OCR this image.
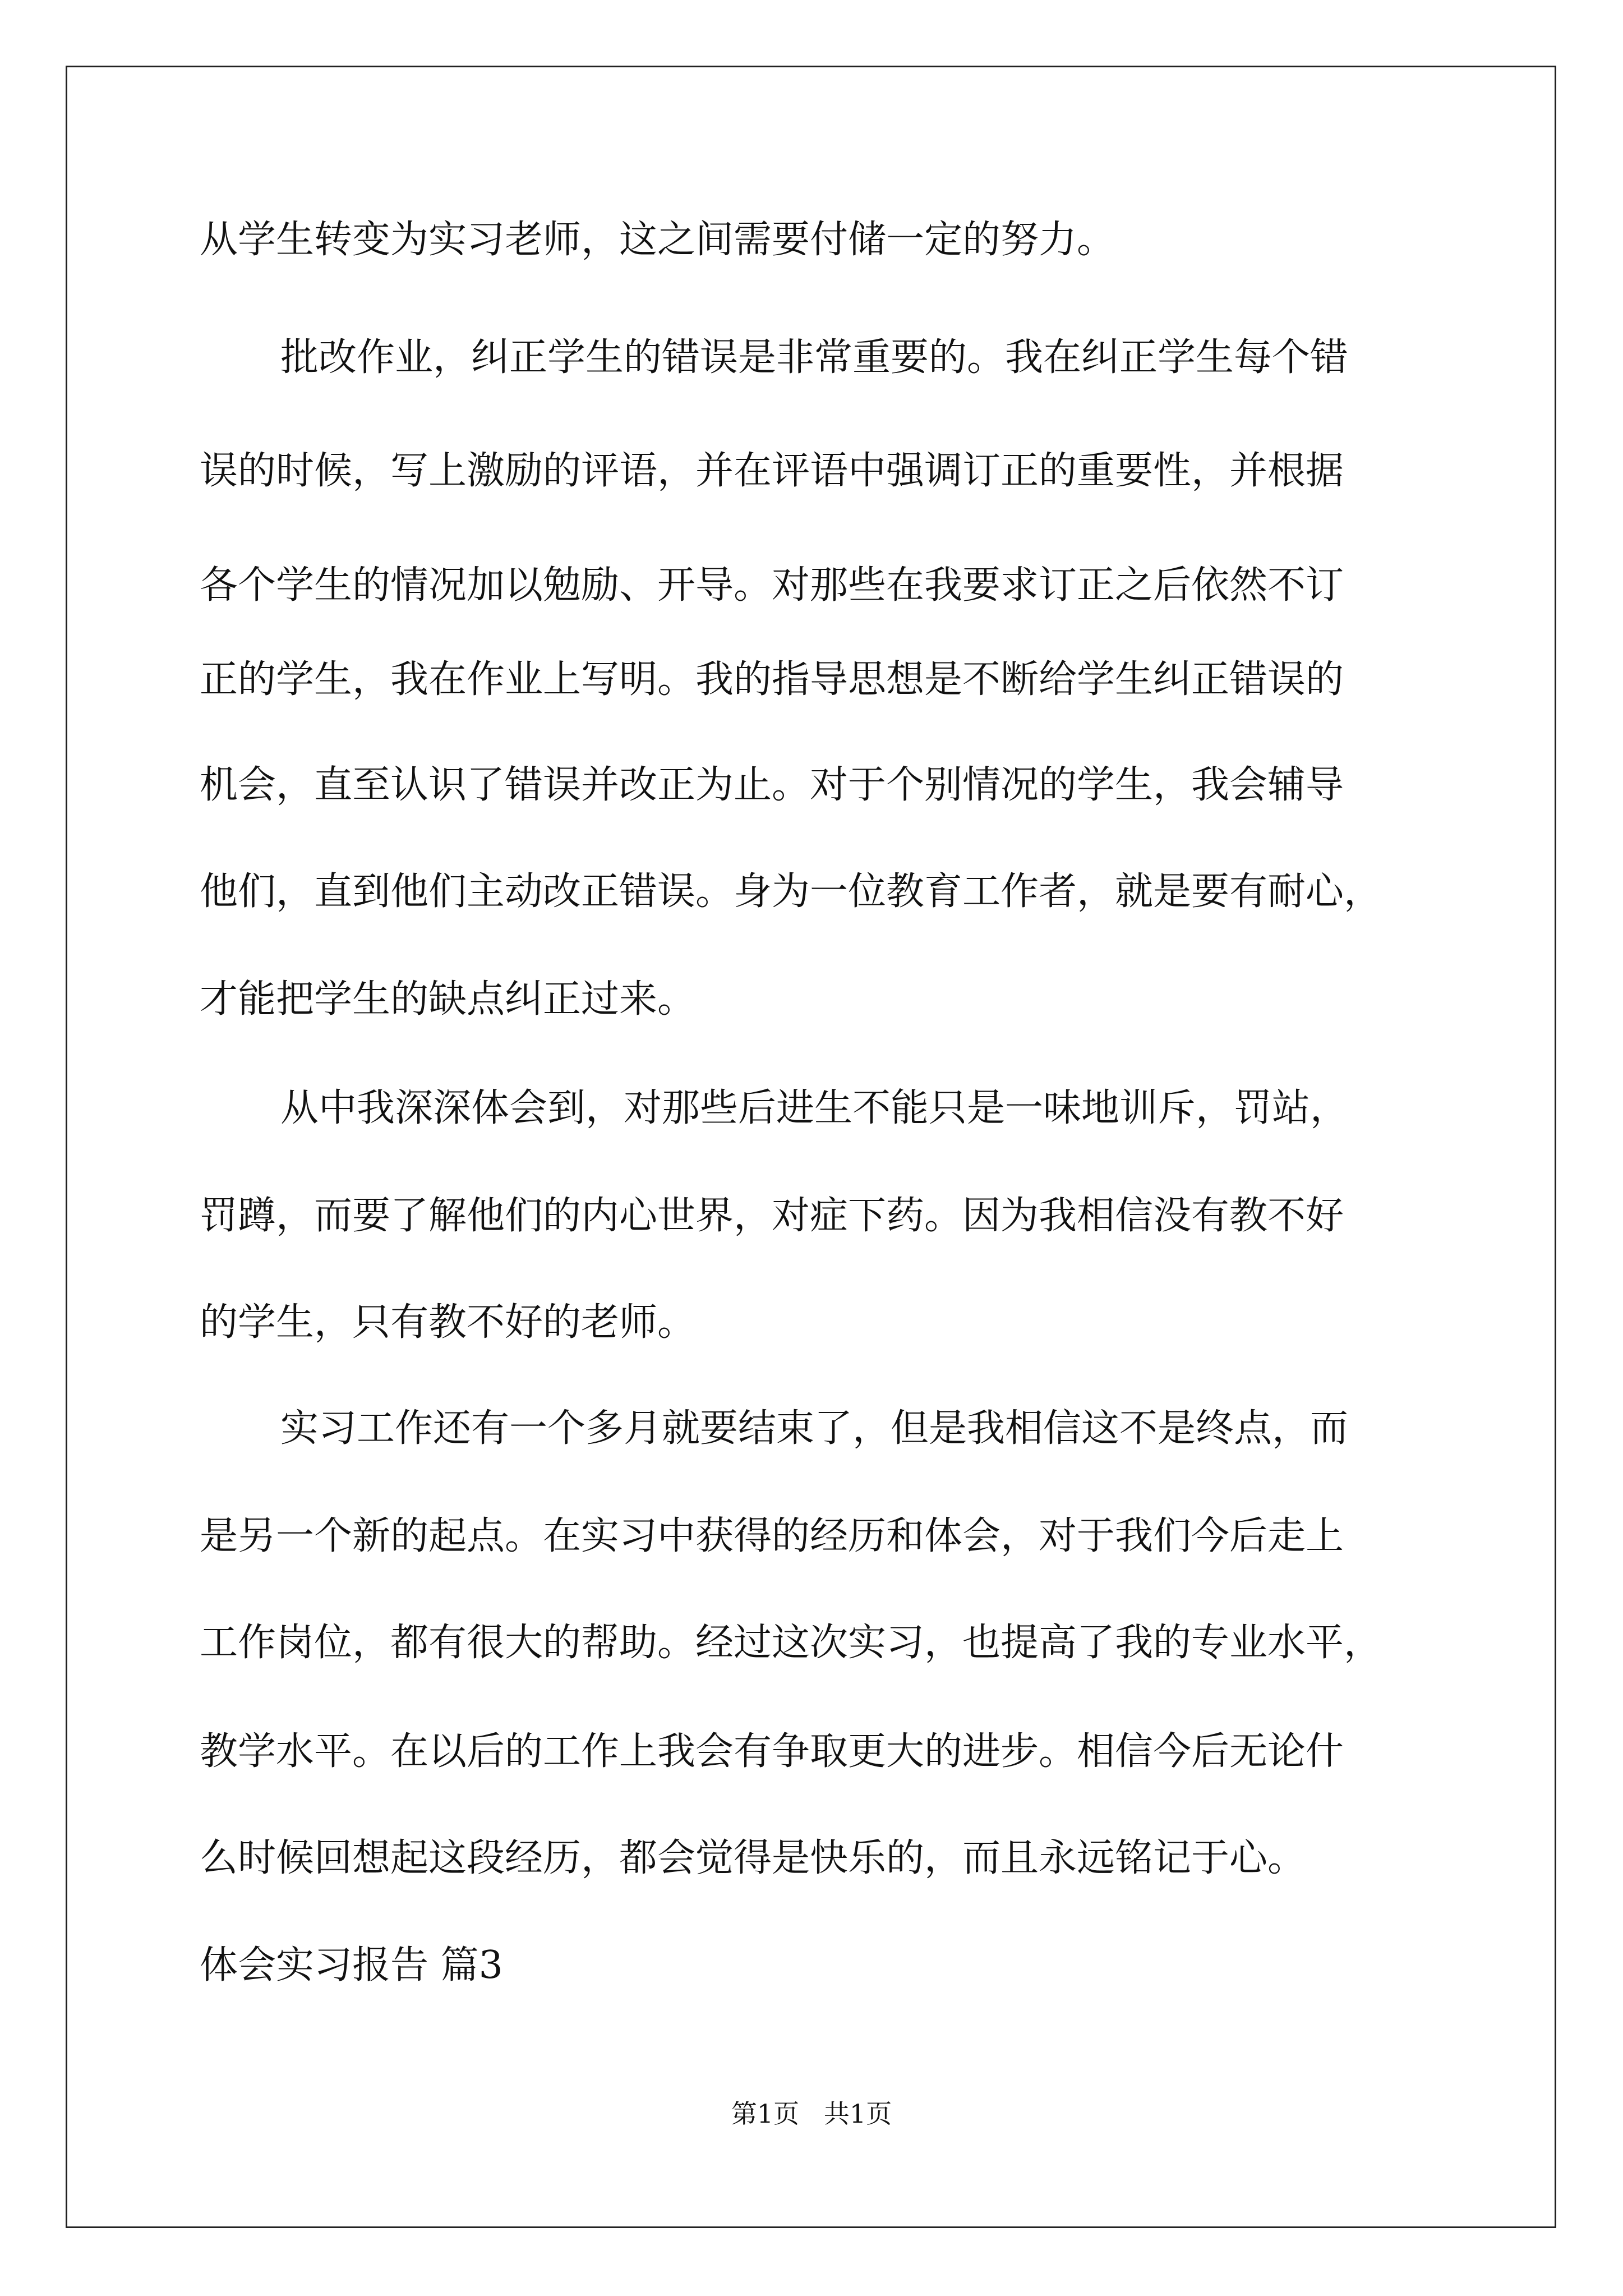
从学生转变为实习老师，这之间需要付储一定的努力。
批改作业，纠正学生的错误是非常重要的。我在纠正学生每个错
误的时候，写上激励的评语，并在评语中强调订正的重要性，并根据
各个学生的情况加以勉励、开导。对那些在我要求订正之后依然不订
正的学生，我在作业上写明。我的指导思想是不断给学生纠正错误的
机会，直至认识了错误并改正为止。对于个别情况的学生，我会辅导
他们，直到他们主动改正错误。身为一位教育工作者，就是要有耐心，
才能把学生的缺点纠正过来。
从中我深深体会到，对那些后进生不能只是一味地训斥，罚站，
罚蹲，而要了解他们的内心世界，对症下药。因为我相信没有教不好
的学生，只有教不好的老师。
实习工作还有一个多月就要结束了，但是我相信这不是终点，而
是另一个新的起点。在实习中获得的经历和体会，对于我们今后走上
工作岗位，都有很大的帮助。经过这次实习，也提高了我的专业水平，
教学水平。在以后的工作上我会有争取更大的进步。相信今后无论什
么时候回想起这段经历，都会觉得是快乐的，而且永远铭记于心。
体会实习报告 篇3
第1页   共1页
